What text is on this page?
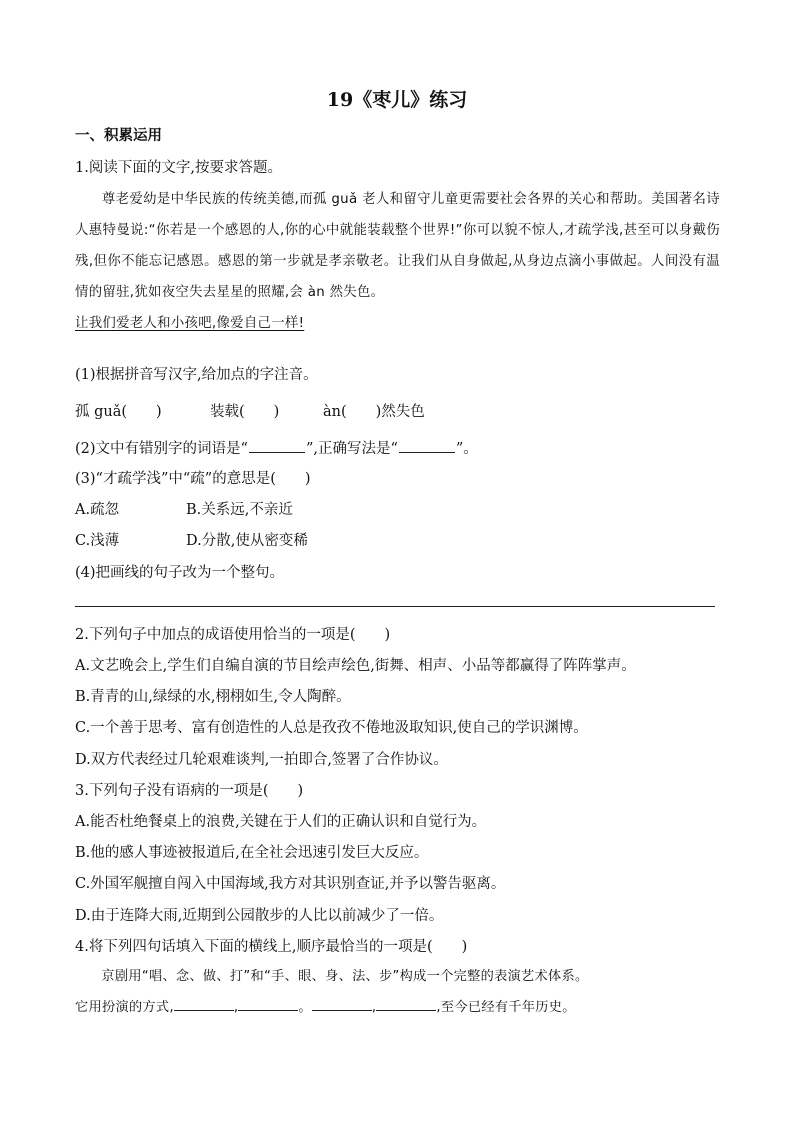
19《枣儿》练习
一、积累运用
1.阅读下面的文字,按要求答题。

尊老爱幼是中华民族的传统美德,而孤 guǎ 老人和留守儿童更需要社会各界的关心和帮助。美国著名诗人惠特曼说:“你若是一个感恩的人,你的心中就能装载整个世界!”你可以貌不惊人,才疏学浅,甚至可以身戴伤残,但你不能忘记感恩。感恩的第一步就是孝亲敬老。让我们从自身做起,从身边点滴小事做起。人间没有温情的留驻,犹如夜空失去星星的照耀,会 àn 然失色。

让我们爱老人和小孩吧,像爱自己一样!

(1)根据拼音写汉字,给加点的字注音。
孤 guǎ(　　)	装载(　　)	àn(　　)然失色
(2)文中有错别字的词语是“	”,正确写法是“	”。
(3)“才疏学浅”中“疏”的意思是(　　)
A.疏忽	B.关系远,不亲近
C.浅薄	D.分散,使从密变稀
(4)把画线的句子改为一个整句。
2.下列句子中加点的成语使用恰当的一项是(　　)
A.文艺晚会上,学生们自编自演的节目绘声绘色,街舞、相声、小品等都赢得了阵阵掌声。
B.青青的山,绿绿的水,栩栩如生,令人陶醉。
C.一个善于思考、富有创造性的人总是孜孜不倦地汲取知识,使自己的学识渊博。
D.双方代表经过几轮艰难谈判,一拍即合,签署了合作协议。
3.下列句子没有语病的一项是(　　)
A.能否杜绝餐桌上的浪费,关键在于人们的正确认识和自觉行为。
B.他的感人事迹被报道后,在全社会迅速引发巨大反应。
C.外国军舰擅自闯入中国海域,我方对其识别查证,并予以警告驱离。
D.由于连降大雨,近期到公园散步的人比以前减少了一倍。
4.将下列四句话填入下面的横线上,顺序最恰当的一项是(　　)

京剧用“唱、念、做、打”和“手、眼、身、法、步”构成一个完整的表演艺术体系。

它用扮演的方式,	,	。	,	,至今已经有千年历史。
